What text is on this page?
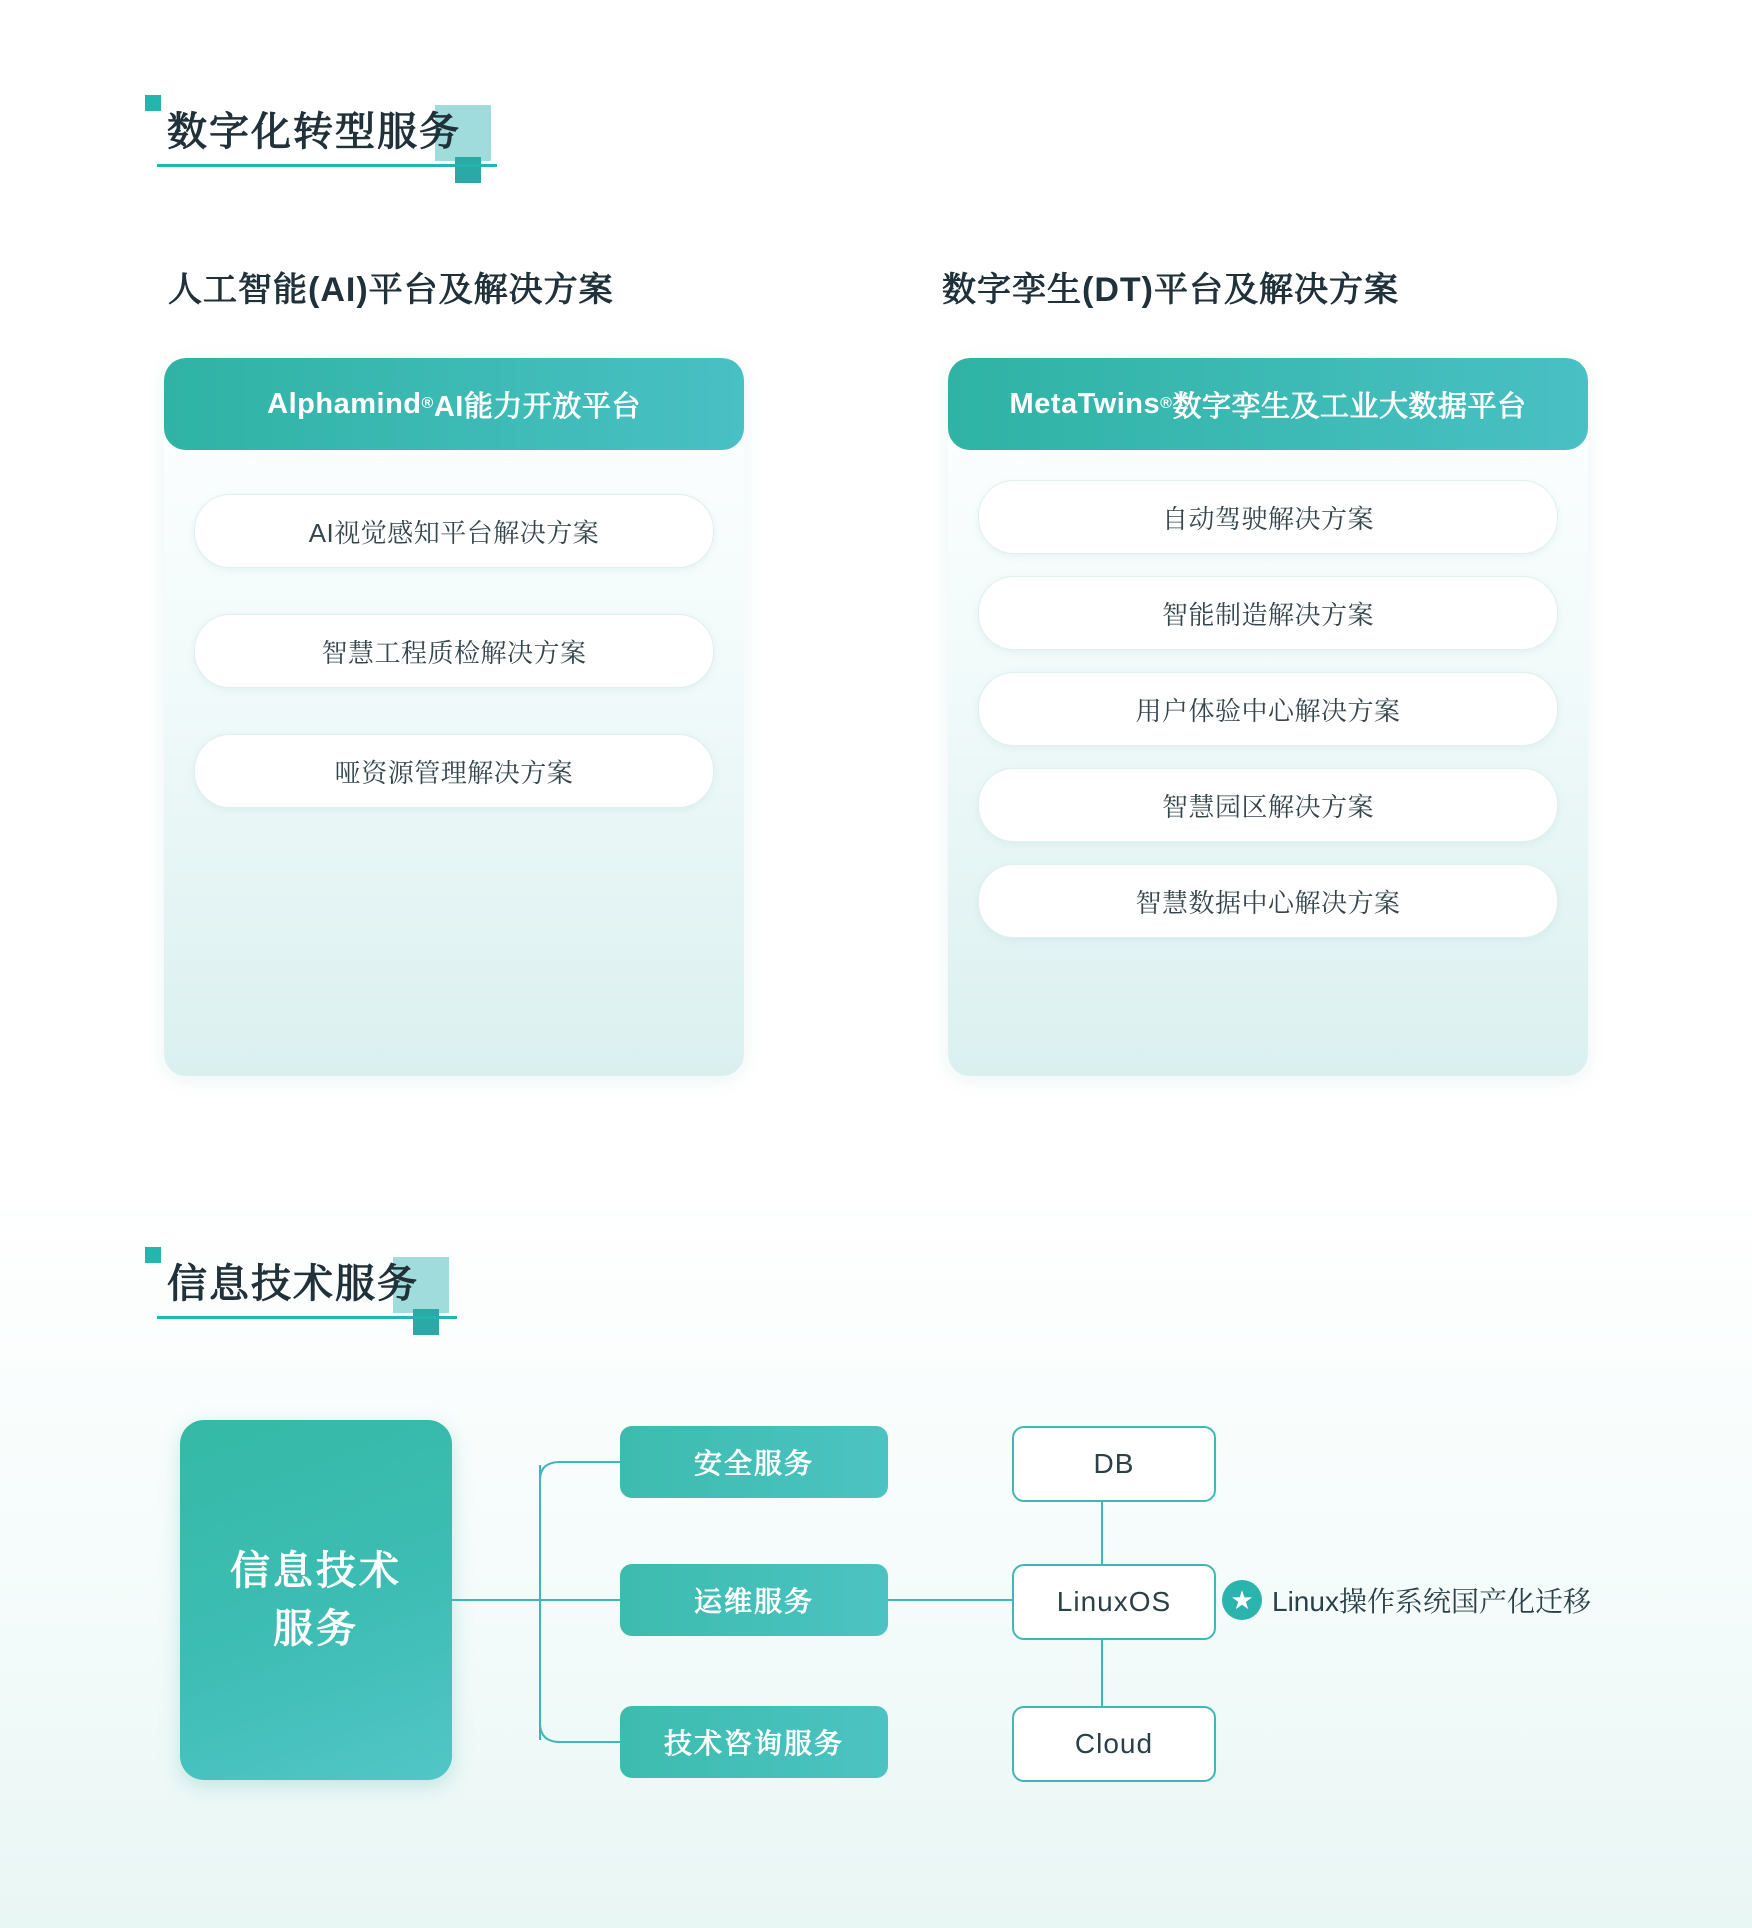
数字化转型服务
人工智能(AI)平台及解决方案	数字孪生(DT)平台及解决方案
Alphamind ® AI能力开放平台
AI视觉感知平台解决方案
智慧工程质检解决方案
哑资源管理解决方案
MetaTwins ® 数字孪生及工业大数据平台
自动驾驶解决方案
智能制造解决方案
用户体验中心解决方案
智慧园区解决方案
智慧数据中心解决方案
信息技术服务
信息技术
服务
安全服务
运维服务
技术咨询服务
DB
LinuxOS
Cloud
★ Linux操作系统国产化迁移
